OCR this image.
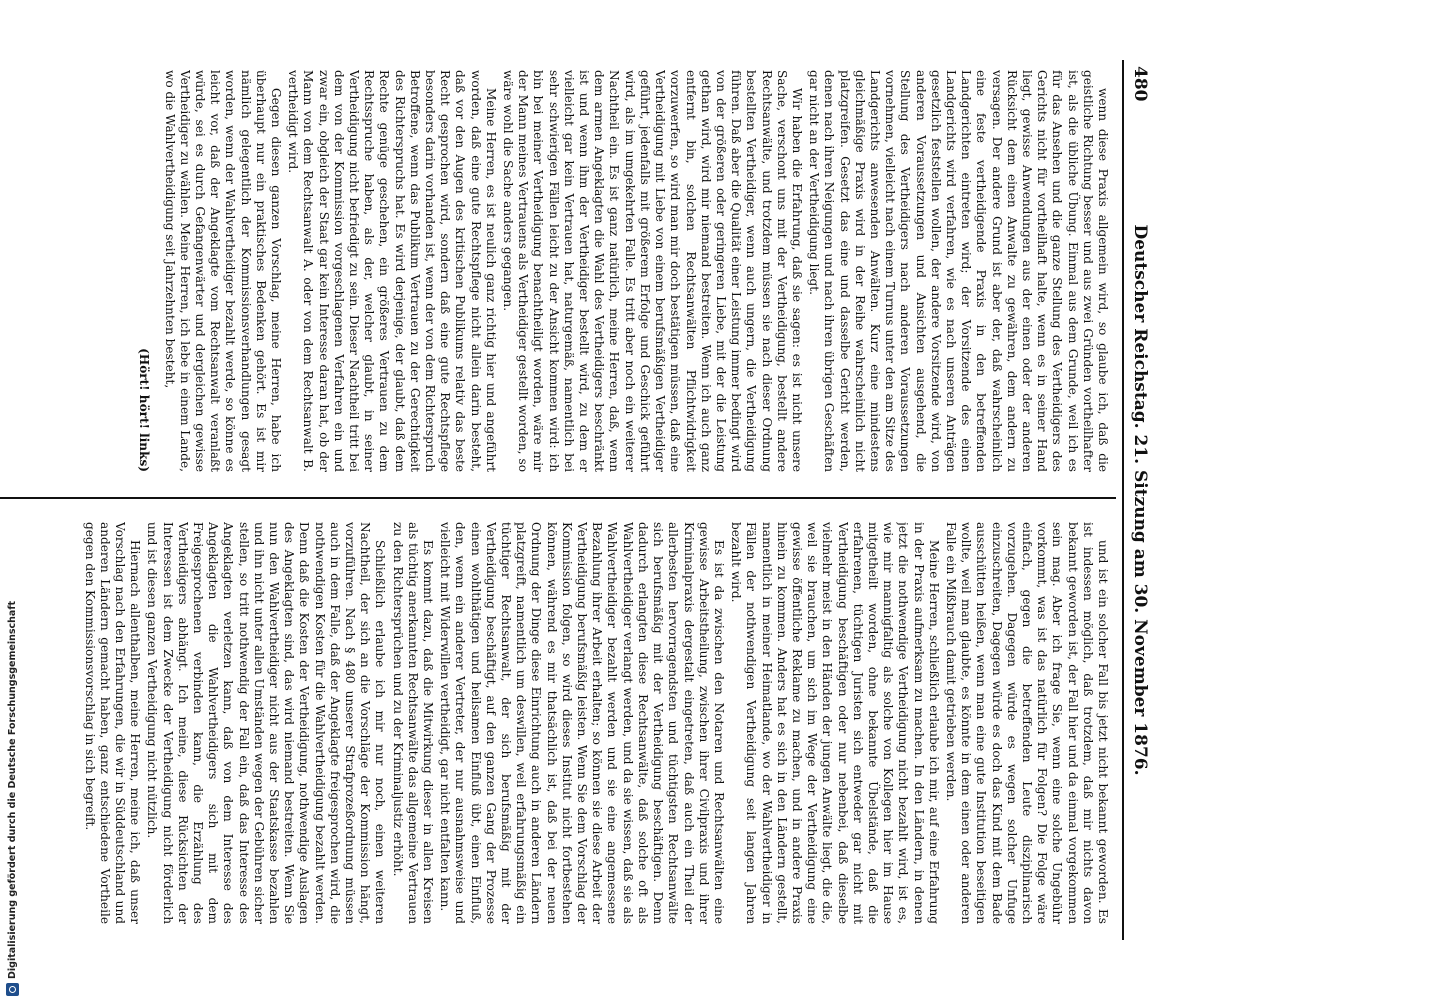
480
Deutscher Reichstag. 21. Sitzung am 30. November 1876.

wenn diese Praxis allgemein wird, so glaube ich, daß die geistliche Richtung besser und aus zwei Gründen vortheilhafter ist, als die übliche Übung. Einmal aus dem Grunde, weil ich es für das Ansehen und die ganze Stellung des Vertheidigers des Gerichts nicht für vortheilhaft halte, wenn es in seiner Hand liegt, gewisse Anwendungen aus der einen oder der anderen Rücksicht dem einen Anwalte zu gewähren, dem andern zu versagen. Der andere Grund ist aber der, daß wahrscheinlich eine feste vertheidigende Praxis in den betreffenden Landgerichten eintreten wird; der Vorsitzende des einen Landgerichts wird verfahren, wie es nach unseren Anträgen gesetzlich feststellen wollen, der andere Vorsitzende wird, von anderen Voraussetzungen und Ansichten ausgehend, die Stellung des Vertheidigers nach anderen Voraussetzungen vornehmen, vielleicht nach einem Turnus unter den am Sitze des Landgerichts anwesenden Anwälten. Kurz eine mindestens gleichmäßige Praxis wird in der Reihe wahrscheinlich nicht platzgreifen. Gesetzt das eine und dasselbe Gericht werden, denen nach ihren Neigungen und nach ihren übrigen Geschäften gar nicht an der Vertheidigung liegt.

Wir haben die Erfahrung, daß sie sagen: es ist nicht unsere Sache, verschont uns mit der Vertheidigung, bestellt andere Rechtsanwälte, und trotzdem müssen sie nach dieser Ordnung bestellten Vertheidiger, wenn auch ungern, die Vertheidigung führen. Daß aber die Qualität einer Leistung immer bedingt wird von der größeren oder geringeren Liebe, mit der die Leistung gethan wird, wird mir niemand bestreiten. Wenn ich auch ganz entfernt bin, solchen Rechtsanwälten Pflichtwidrigkeit vorzuwerfen, so wird man mir doch bestätigen müssen, daß eine Vertheidigung mit Liebe von einem berufsmäßigen Vertheidiger geführt, jedenfalls mit größerem Erfolge und Geschick geführt wird, als im umgekehrten Falle. Es tritt aber noch ein weiterer Nachtheil ein. Es ist ganz natürlich, meine Herren, daß, wenn dem armen Angeklagten die Wahl des Vertheidigers beschränkt ist und wenn ihm der Vertheidiger bestellt wird, zu dem er vielleicht gar kein Vertrauen hat, naturgemäß, namentlich bei sehr schwierigen Fällen leicht zu der Ansicht kommen wird: ich bin bei meiner Vertheidigung benachtheiligt worden, wäre mir der Mann meines Vertrauens als Vertheidiger gestellt worden, so wäre wohl die Sache anders gegangen.

Meine Herren, es ist neulich ganz richtig hier und angeführt worden, daß eine gute Rechtspflege nicht allein darin besteht, daß vor den Augen des kritischen Publikums relativ das beste Recht gesprochen wird, sondern daß eine gute Rechtspflege besonders darin vorhanden ist, wenn der von dem Richterspruch Betroffene, wenn das Publikum Vertrauen zu der Gerechtigkeit des Richterspruchs hat. Es wird derjenige, der glaubt, daß dem Rechte genüge geschehen, ein größeres Vertrauen zu dem Rechtsspruche haben, als der, welcher glaubt, in seiner Vertheidigung nicht befriedigt zu sein. Dieser Nachtheil tritt bei dem von der Kommission vorgeschlagenen Verfahren ein und zwar ein, obgleich der Staat gar kein Interesse daran hat, ob der Mann von dem Rechtsanwalt A. oder von dem Rechtsanwalt B. vertheidigt wird.

Gegen diesen ganzen Vorschlag, meine Herren, habe ich überhaupt nur ein praktisches Bedenken gehört. Es ist mir nämlich gelegentlich der Kommissionsverhandlungen gesagt worden, wenn der Wahlvertheidiger bezahlt werde, so könne es leicht vor, daß der Angeklagte vom Rechtsanwalt veranlaßt würde, sei es durch Gefangenwärter und dergleichen gewisse Vertheidiger zu wählen. Meine Herren, ich lebe in einem Lande, wo die Wahlvertheidigung seit Jahrzehnten besteht,

(Hört! hört! links)

und ist ein solcher Fall bis jetzt nicht bekannt geworden. Es ist indessen möglich, daß trotzdem, daß mir nichts davon bekannt geworden ist, der Fall hier und da einmal vorgekommen sein mag. Aber ich frage Sie, wenn eine solche Ungebühr vorkommt, was ist das natürlich für Folgen? Die Folge wäre einfach, gegen die betreffenden Leute disziplinarisch vorzugehen. Dagegen würde es wegen solcher Unfuge einzuschreiten, Dagegen würde es doch das Kind mit dem Bade ausschütten heißen, wenn man eine gute Institution beseitigen wollte, weil man glaubte, es könnte in dem einen oder anderen Falle ein Mißbrauch damit getrieben werden.

Meine Herren, schließlich erlaube ich mir, auf eine Erfahrung in der Praxis aufmerksam zu machen. In den Ländern, in denen jetzt die nothwendige Vertheidigung nicht bezahlt wird, ist es, wie mir mannigfaltig als solche von Kollegen hier im Hause mitgetheilt worden, ohne bekannte Übelstände, daß die erfahrenen, tüchtigen Juristen sich entweder gar nicht mit Vertheidigung beschäftigen oder nur nebenbei, daß dieselbe vielmehr meist in den Händen der jungen Anwälte liegt, die die, weil sie brauchen, um sich im Wege der Vertheidigung eine gewisse öffentliche Reklame zu machen, und in andere Praxis hinein zu kommen. Anders hat es sich in den Ländern gestellt, namentlich in meiner Heimatlande, wo der Wahlvertheidiger in Fällen der nothwendigen Vertheidigung seit langen Jahren bezahlt wird.

Es ist da zwischen den Notaren und Rechtsanwälten eine gewisse Arbeitstheilung, zwischen ihrer Civilpraxis und ihrer Kriminalpraxis dergestalt eingetreten, daß auch ein Theil der allerbesten hervorragendsten und tüchtigsten Rechtsanwälte sich berufsmäßig mit der Vertheidigung beschäftigen. Denn dadurch erlangten diese Rechtsanwälte, daß solche oft als Wahlvertheidiger verlangt werden, und da sie wissen, daß sie als Wahlvertheidiger bezahlt werden und sie eine angemessene Bezahlung ihrer Arbeit erhalten; so können sie diese Arbeit der Vertheidigung berufsmäßig leisten. Wenn Sie dem Vorschlag der Kommission folgen, so wird dieses Institut nicht fortbestehen können, während es mir thatsächlich ist, daß bei der neuen Ordnung der Dinge diese Einrichtung auch in anderen Ländern platzgreift, namentlich um deswillen, weil erfahrungsmäßig ein tüchtiger Rechtsanwalt, der sich berufsmäßig mit der Vertheidigung beschäftigt, auf den ganzen Gang der Prozesse einen wohlthätigen und heilsamen Einfluß übt, einen Einfluß, den, wenn ein anderer Vertreter, der nur ausnahmsweise und vielleicht mit Widerwillen vertheidigt, gar nicht entfalten kann.

Es kommt dazu, daß die Mitwirkung dieser in allen Kreisen als tüchtig anerkannten Rechtsanwälte das allgemeine Vertrauen zu den Richtersprüchen und zu der Kriminaljustiz erhöht.

Schließlich erlaube ich mir nur noch, einen weiteren Nachtheil, der sich an die Vorschläge der Kommission hängt, vorzuführen. Nach § 480 unserer Strafprozeßordnung müssen auch in dem Falle, daß der Angeklagte freigesprochen wird, die nothwendigen Kosten für die Wahlvertheidigung bezahlt werden. Denn daß die Kosten der Vertheidigung, nothwendige Auslagen des Angeklagten sind, das wird niemand bestreiten. Wenn Sie nun den Wahlvertheidiger nicht aus der Staatskasse bezahlen und ihn nicht unter allen Umständen wegen der Gebühren sicher stellen, so tritt nothwendig der Fall ein, daß das Interesse des Angeklagten verletzen kann, daß von dem Interesse des Angeklagten die Wahlvertheidigers sich mit dem Freigesprochenen verbinden kann, die Erzählung des Vertheidigers abhängt. Ich meine, diese Rücksichten der Interessen ist dem Zwecke der Vertheidigung nicht förderlich und ist diesen ganzen Vertheidigung nicht nützlich.

Hiernach allenthalben, meine Herren, meine ich, daß unser Vorschlag nach den Erfahrungen, die wir in Süddeutschland und anderen Ländern gemacht haben, ganz entschiedene Vortheile gegen den Kommissionsvorschlag in sich begreift.

Digitalisierung gefördert durch die Deutsche Forschungsgemeinschaft
